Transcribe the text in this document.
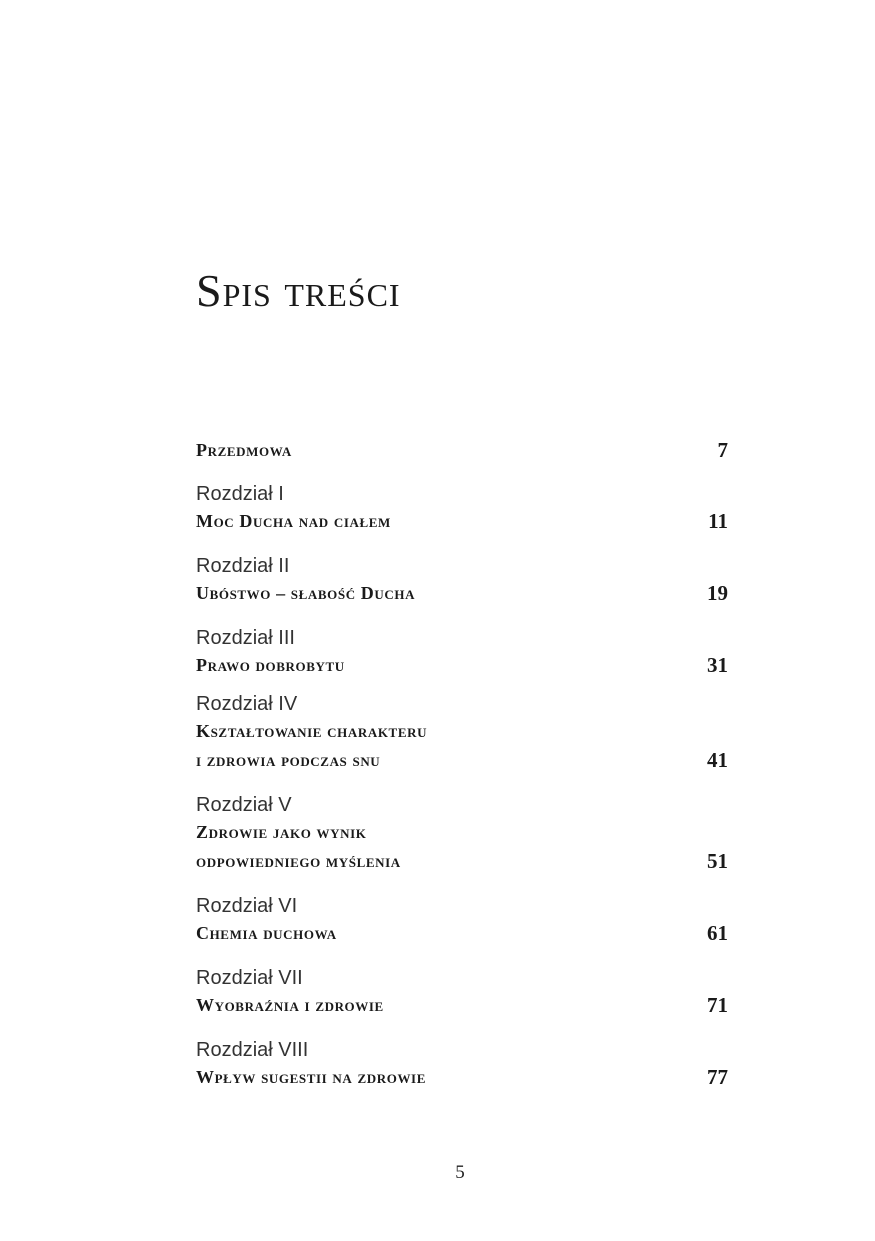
Spis treści
Przedmowa	7
Rozdział I
Moc Ducha nad ciałem	11
Rozdział II
Ubóstwo – słabość Ducha	19
Rozdział III
Prawo dobrobytu	31
Rozdział IV
Kształtowanie charakteru
i zdrowia podczas snu	41
Rozdział V
Zdrowie jako wynik
odpowiedniego myślenia	51
Rozdział VI
Chemia duchowa	61
Rozdział VII
Wyobraźnia i zdrowie	71
Rozdział VIII
Wpływ sugestii na zdrowie	77
5
